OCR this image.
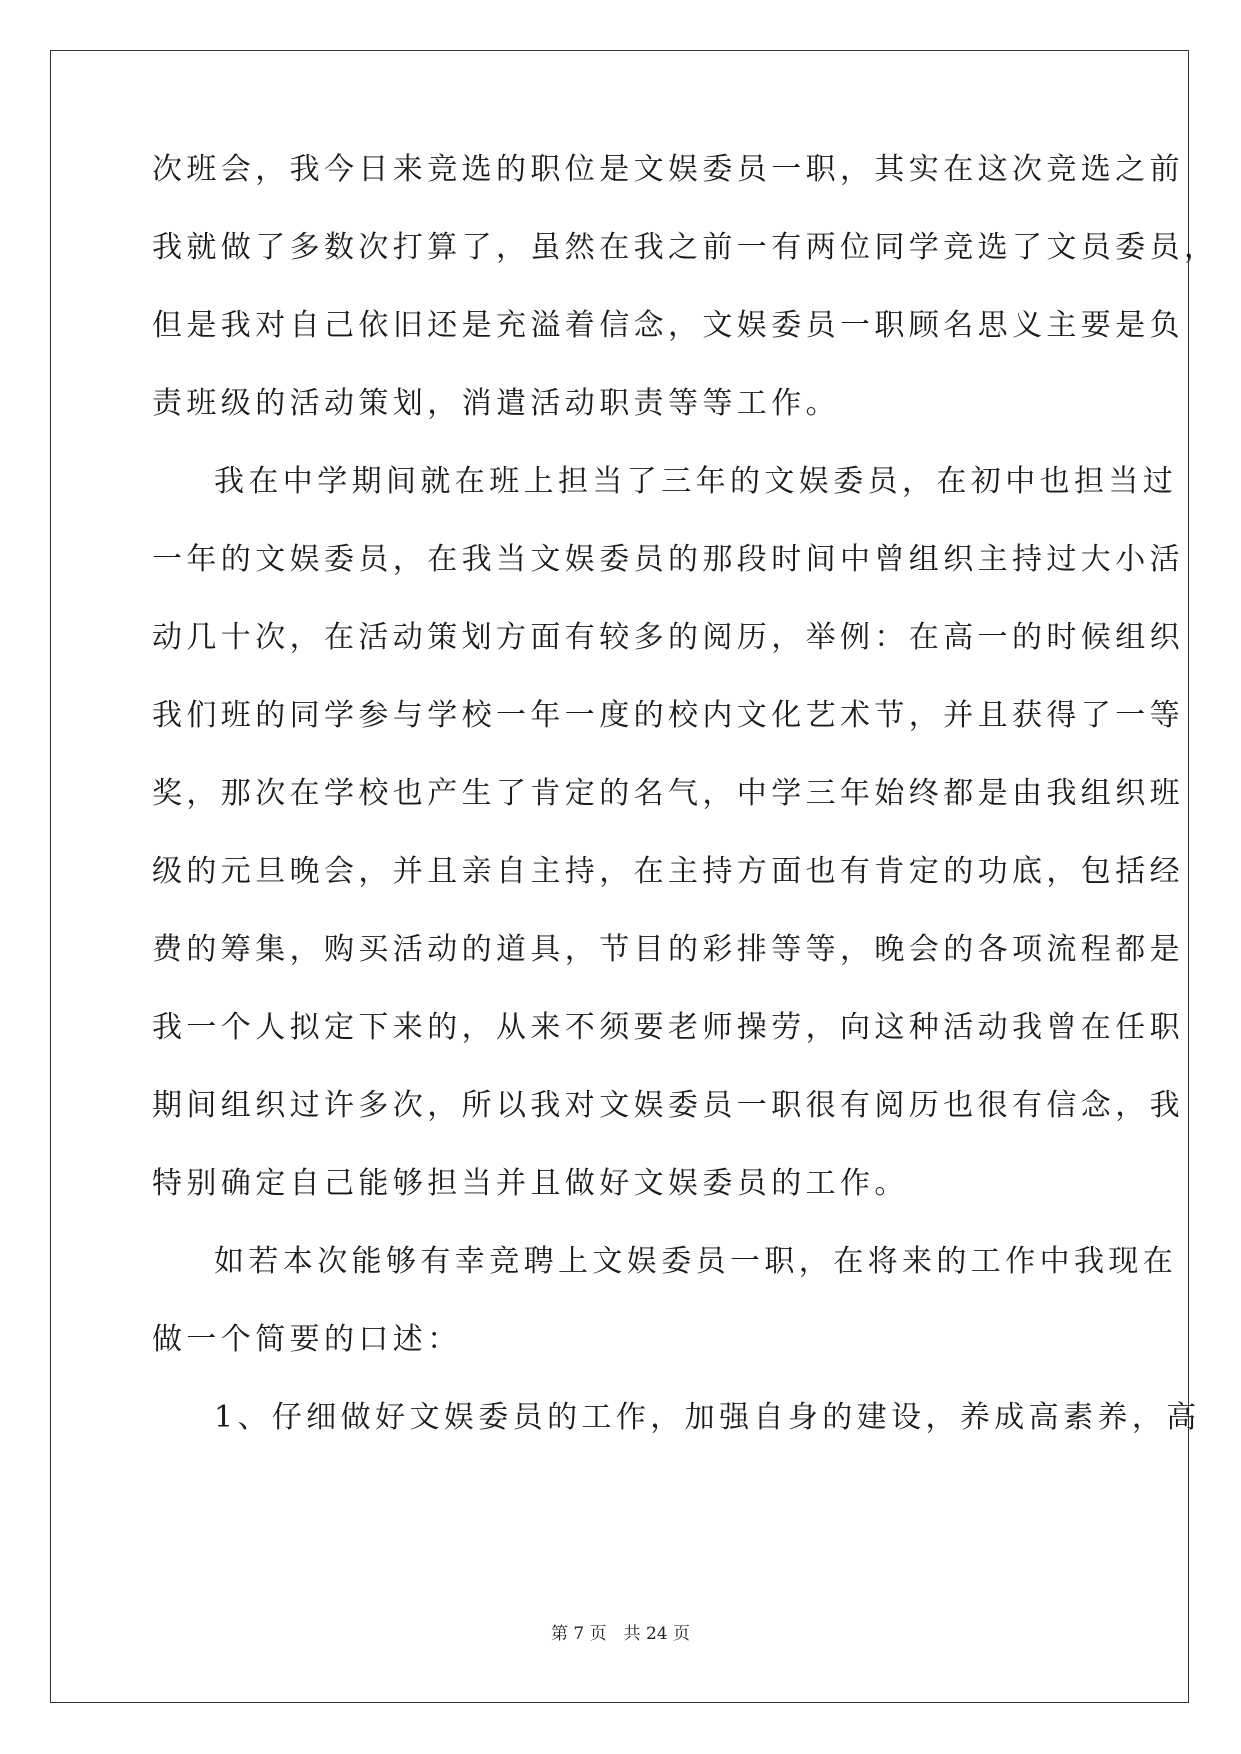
次班会，我今日来竞选的职位是文娱委员一职，其实在这次竞选之前
我就做了多数次打算了，虽然在我之前一有两位同学竞选了文员委员，
但是我对自己依旧还是充溢着信念，文娱委员一职顾名思义主要是负
责班级的活动策划，消遣活动职责等等工作。
我在中学期间就在班上担当了三年的文娱委员，在初中也担当过
一年的文娱委员，在我当文娱委员的那段时间中曾组织主持过大小活
动几十次，在活动策划方面有较多的阅历，举例：在高一的时候组织
我们班的同学参与学校一年一度的校内文化艺术节，并且获得了一等
奖，那次在学校也产生了肯定的名气，中学三年始终都是由我组织班
级的元旦晚会，并且亲自主持，在主持方面也有肯定的功底，包括经
费的筹集，购买活动的道具，节目的彩排等等，晚会的各项流程都是
我一个人拟定下来的，从来不须要老师操劳，向这种活动我曾在任职
期间组织过许多次，所以我对文娱委员一职很有阅历也很有信念，我
特别确定自己能够担当并且做好文娱委员的工作。
如若本次能够有幸竞聘上文娱委员一职，在将来的工作中我现在
做一个简要的口述：
1、仔细做好文娱委员的工作，加强自身的建设，养成高素养，高
第 7 页　共 24 页
